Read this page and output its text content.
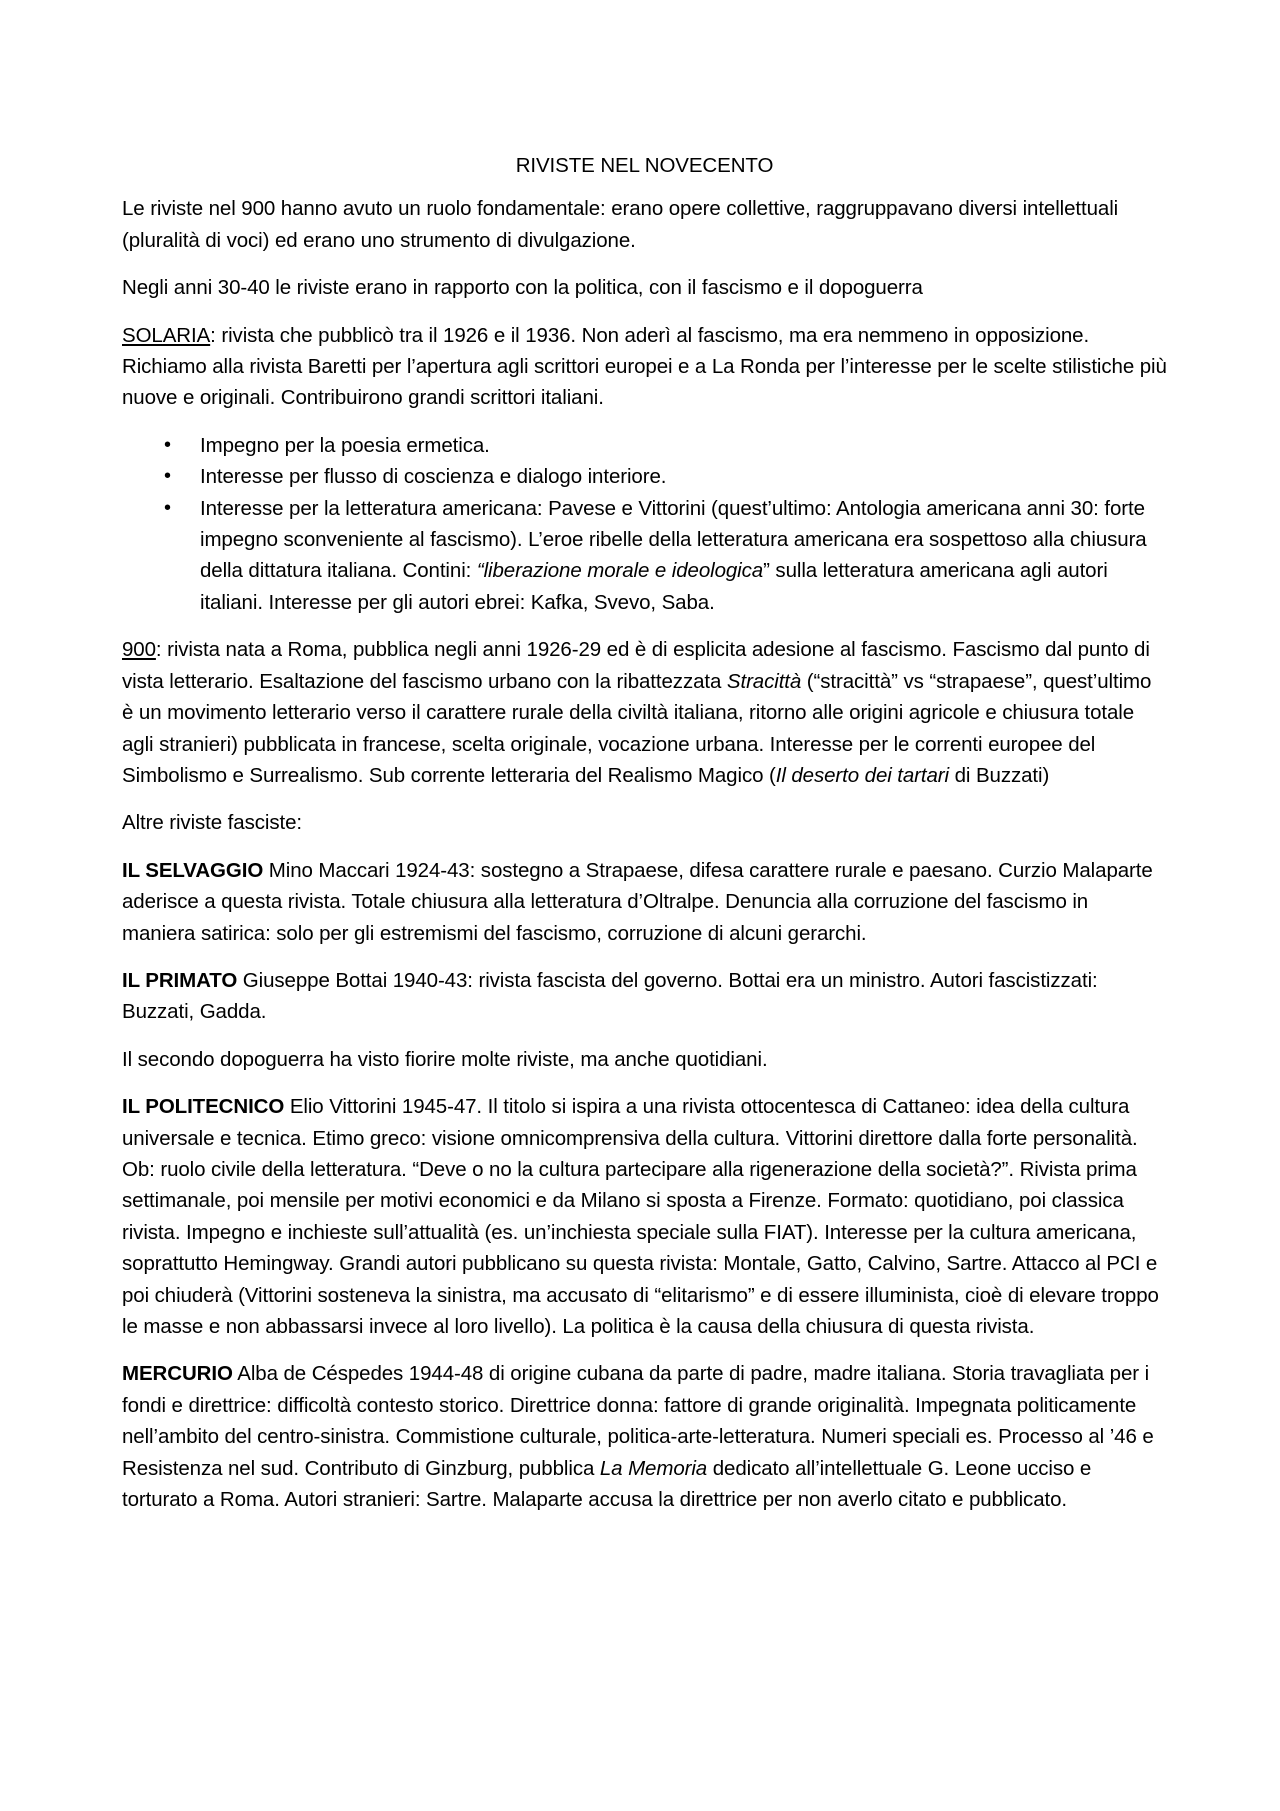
RIVISTE NEL NOVECENTO

Le riviste nel 900 hanno avuto un ruolo fondamentale: erano opere collettive, raggruppavano diversi intellettuali (pluralità di voci) ed erano uno strumento di divulgazione.

Negli anni 30-40 le riviste erano in rapporto con la politica, con il fascismo e il dopoguerra

SOLARIA: rivista che pubblicò tra il 1926 e il 1936. Non aderì al fascismo, ma era nemmeno in opposizione. Richiamo alla rivista Baretti per l’apertura agli scrittori europei e a La Ronda per l’interesse per le scelte stilistiche più nuove e originali. Contribuirono grandi scrittori italiani.

• Impegno per la poesia ermetica.
• Interesse per flusso di coscienza e dialogo interiore.
• Interesse per la letteratura americana: Pavese e Vittorini (quest’ultimo: Antologia americana anni 30: forte impegno sconveniente al fascismo). L’eroe ribelle della letteratura americana era sospettoso alla chiusura della dittatura italiana. Contini: “liberazione morale e ideologica” sulla letteratura americana agli autori italiani. Interesse per gli autori ebrei: Kafka, Svevo, Saba.

900: rivista nata a Roma, pubblica negli anni 1926-29 ed è di esplicita adesione al fascismo. Fascismo dal punto di vista letterario. Esaltazione del fascismo urbano con la ribattezzata Stracittà (“stracittà” vs “strapaese”, quest’ultimo è un movimento letterario verso il carattere rurale della civiltà italiana, ritorno alle origini agricole e chiusura totale agli stranieri) pubblicata in francese, scelta originale, vocazione urbana. Interesse per le correnti europee del Simbolismo e Surrealismo. Sub corrente letteraria del Realismo Magico (Il deserto dei tartari di Buzzati)

Altre riviste fasciste:

IL SELVAGGIO Mino Maccari 1924-43: sostegno a Strapaese, difesa carattere rurale e paesano. Curzio Malaparte aderisce a questa rivista. Totale chiusura alla letteratura d’Oltralpe. Denuncia alla corruzione del fascismo in maniera satirica: solo per gli estremismi del fascismo, corruzione di alcuni gerarchi.

IL PRIMATO Giuseppe Bottai 1940-43: rivista fascista del governo. Bottai era un ministro. Autori fascistizzati: Buzzati, Gadda.

Il secondo dopoguerra ha visto fiorire molte riviste, ma anche quotidiani.

IL POLITECNICO Elio Vittorini 1945-47. Il titolo si ispira a una rivista ottocentesca di Cattaneo: idea della cultura universale e tecnica. Etimo greco: visione omnicomprensiva della cultura. Vittorini direttore dalla forte personalità. Ob: ruolo civile della letteratura. “Deve o no la cultura partecipare alla rigenerazione della società?”. Rivista prima settimanale, poi mensile per motivi economici e da Milano si sposta a Firenze. Formato: quotidiano, poi classica rivista. Impegno e inchieste sull’attualità (es. un’inchiesta speciale sulla FIAT). Interesse per la cultura americana, soprattutto Hemingway. Grandi autori pubblicano su questa rivista: Montale, Gatto, Calvino, Sartre. Attacco al PCI e poi chiuderà (Vittorini sosteneva la sinistra, ma accusato di “elitarismo” e di essere illuminista, cioè di elevare troppo le masse e non abbassarsi invece al loro livello). La politica è la causa della chiusura di questa rivista.

MERCURIO Alba de Céspedes 1944-48 di origine cubana da parte di padre, madre italiana. Storia travagliata per i fondi e direttrice: difficoltà contesto storico. Direttrice donna: fattore di grande originalità. Impegnata politicamente nell’ambito del centro-sinistra. Commistione culturale, politica-arte-letteratura. Numeri speciali es. Processo al ’46 e Resistenza nel sud. Contributo di Ginzburg, pubblica La Memoria dedicato all’intellettuale G. Leone ucciso e torturato a Roma. Autori stranieri: Sartre. Malaparte accusa la direttrice per non averlo citato e pubblicato.
